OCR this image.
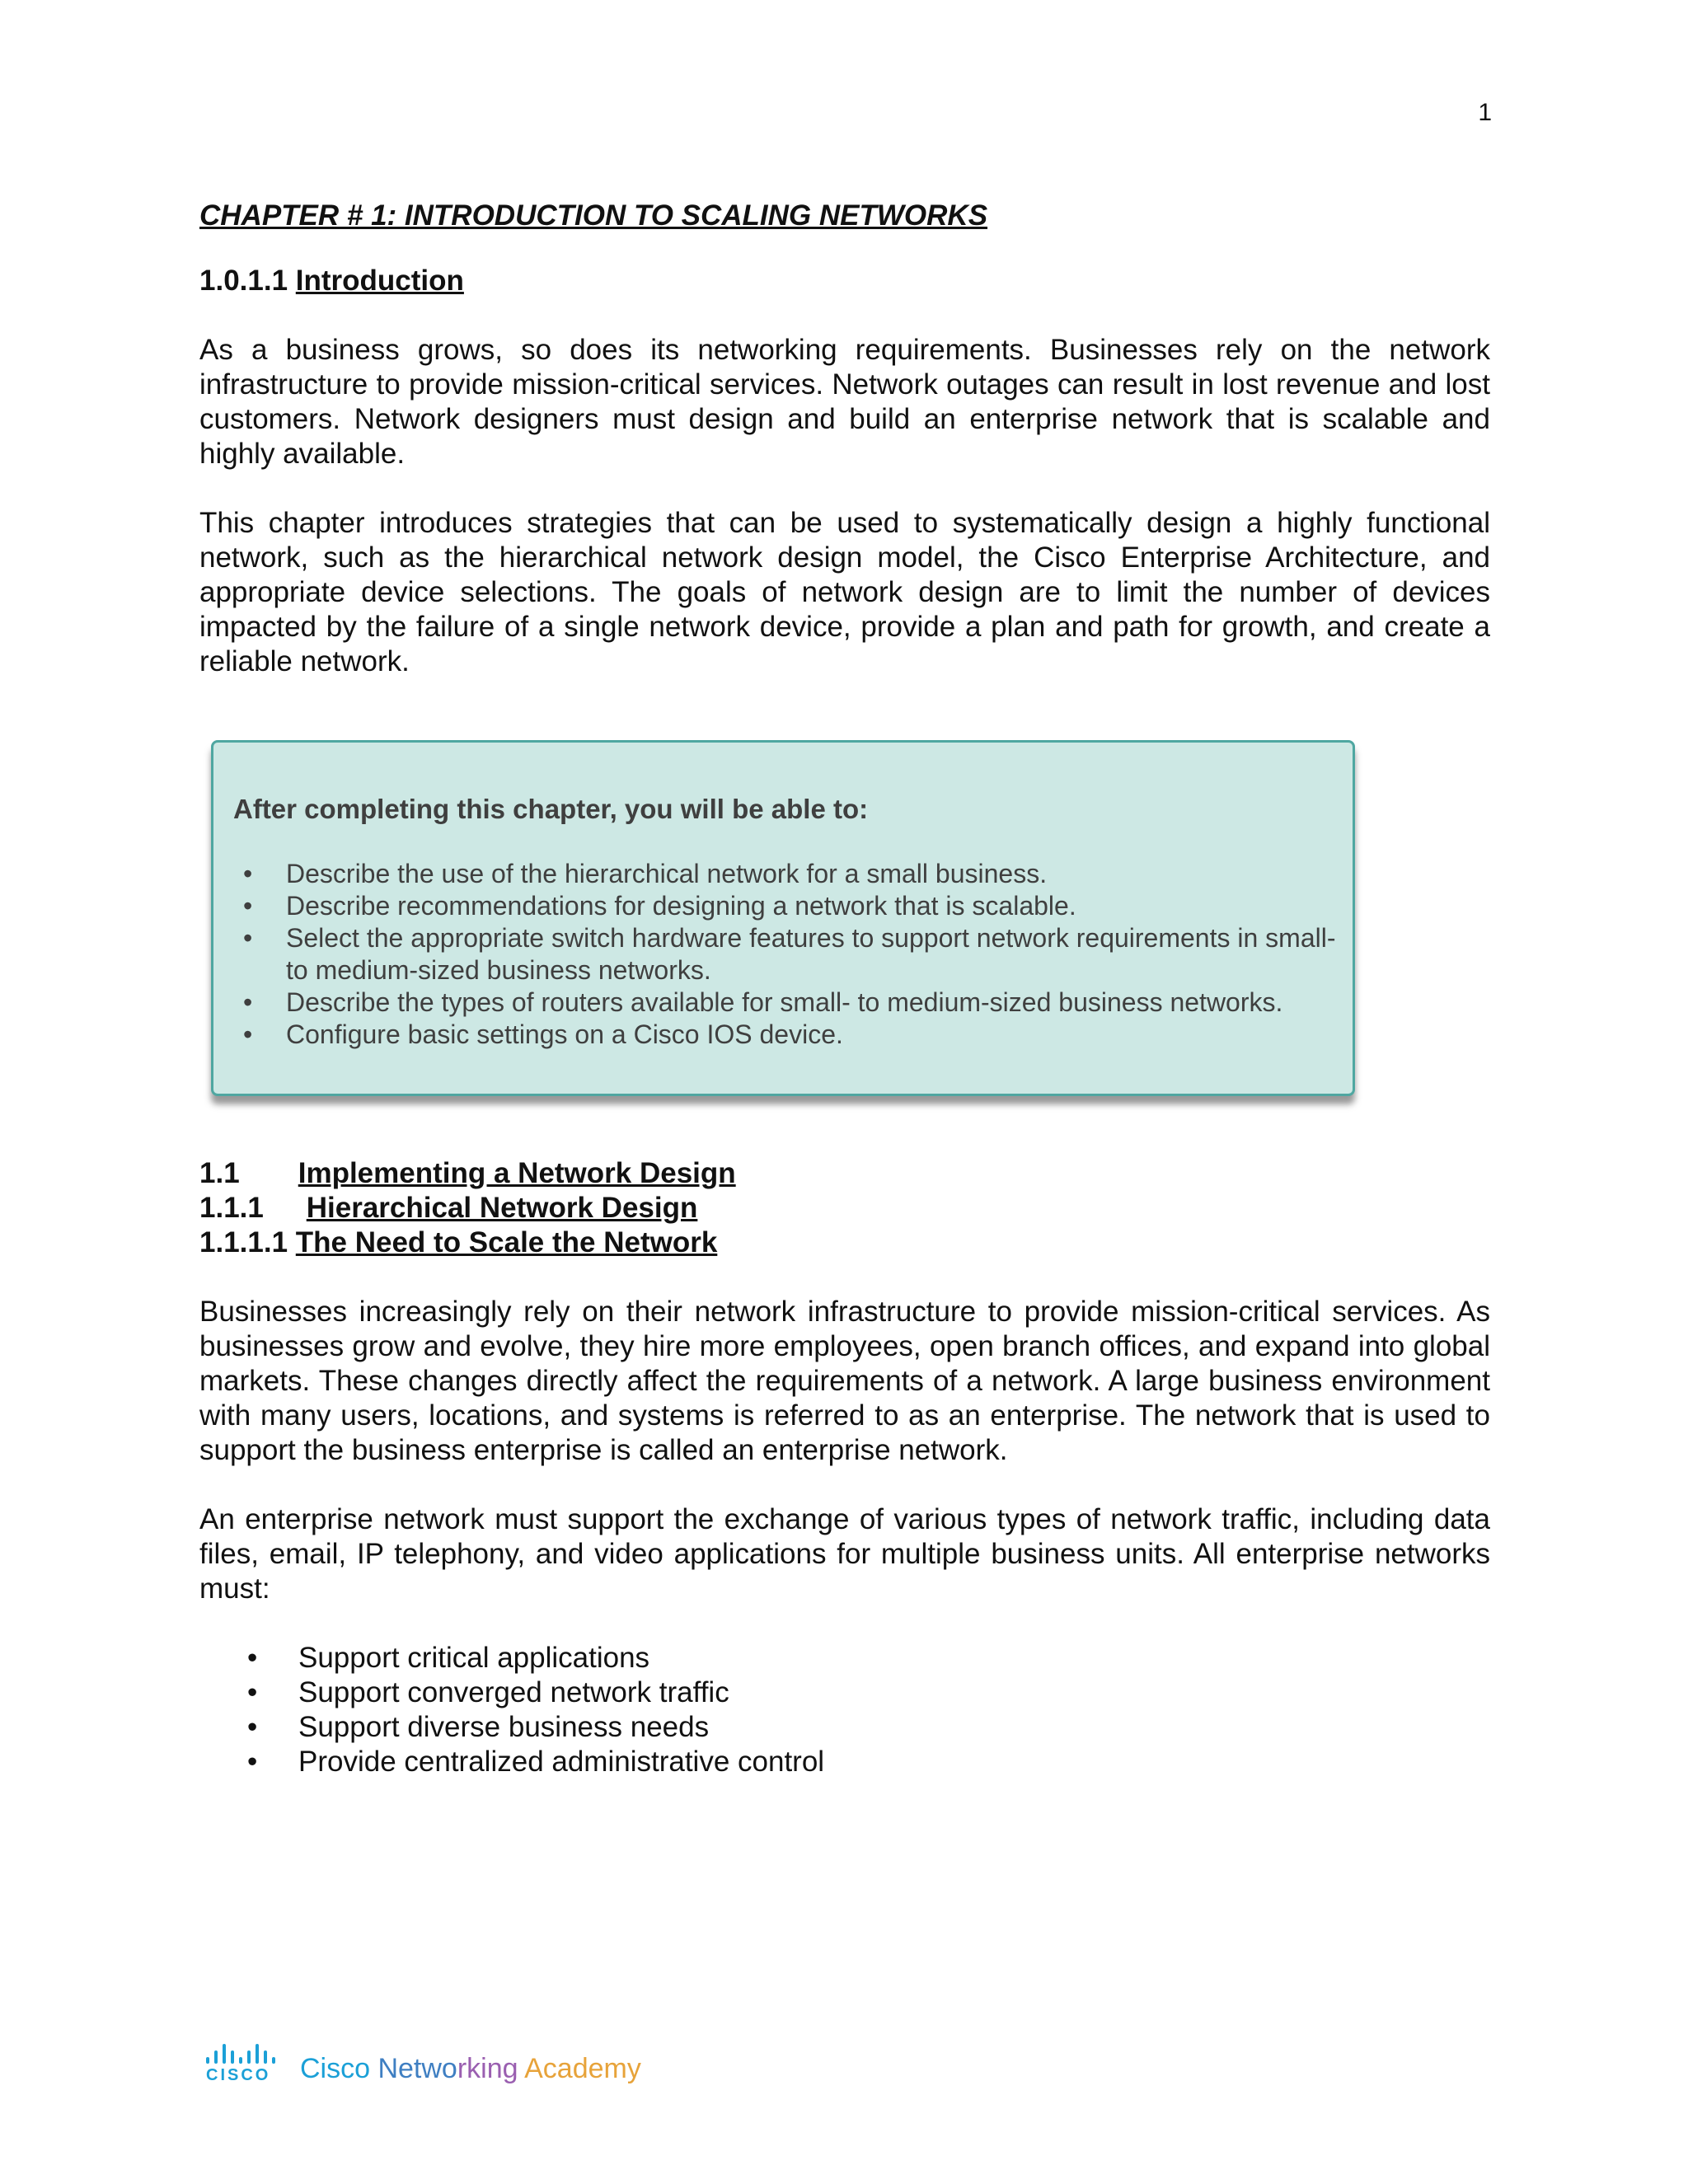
1

CHAPTER # 1: INTRODUCTION TO SCALING NETWORKS

1.0.1.1 Introduction

As a business grows, so does its networking requirements. Businesses rely on the network infrastructure to provide mission-critical services. Network outages can result in lost revenue and lost customers. Network designers must design and build an enterprise network that is scalable and highly available.

This chapter introduces strategies that can be used to systematically design a highly functional network, such as the hierarchical network design model, the Cisco Enterprise Architecture, and appropriate device selections. The goals of network design are to limit the number of devices impacted by the failure of a single network device, provide a plan and path for growth, and create a reliable network.

After completing this chapter, you will be able to:
• Describe the use of the hierarchical network for a small business.
• Describe recommendations for designing a network that is scalable.
• Select the appropriate switch hardware features to support network requirements in small- to medium-sized business networks.
• Describe the types of routers available for small- to medium-sized business networks.
• Configure basic settings on a Cisco IOS device.

1.1 Implementing a Network Design

1.1.1 Hierarchical Network Design

1.1.1.1 The Need to Scale the Network

Businesses increasingly rely on their network infrastructure to provide mission-critical services. As businesses grow and evolve, they hire more employees, open branch offices, and expand into global markets. These changes directly affect the requirements of a network. A large business environment with many users, locations, and systems is referred to as an enterprise. The network that is used to support the business enterprise is called an enterprise network.

An enterprise network must support the exchange of various types of network traffic, including data files, email, IP telephony, and video applications for multiple business units. All enterprise networks must:

• Support critical applications
• Support converged network traffic
• Support diverse business needs
• Provide centralized administrative control
CISCO Cisco Networking Academy
